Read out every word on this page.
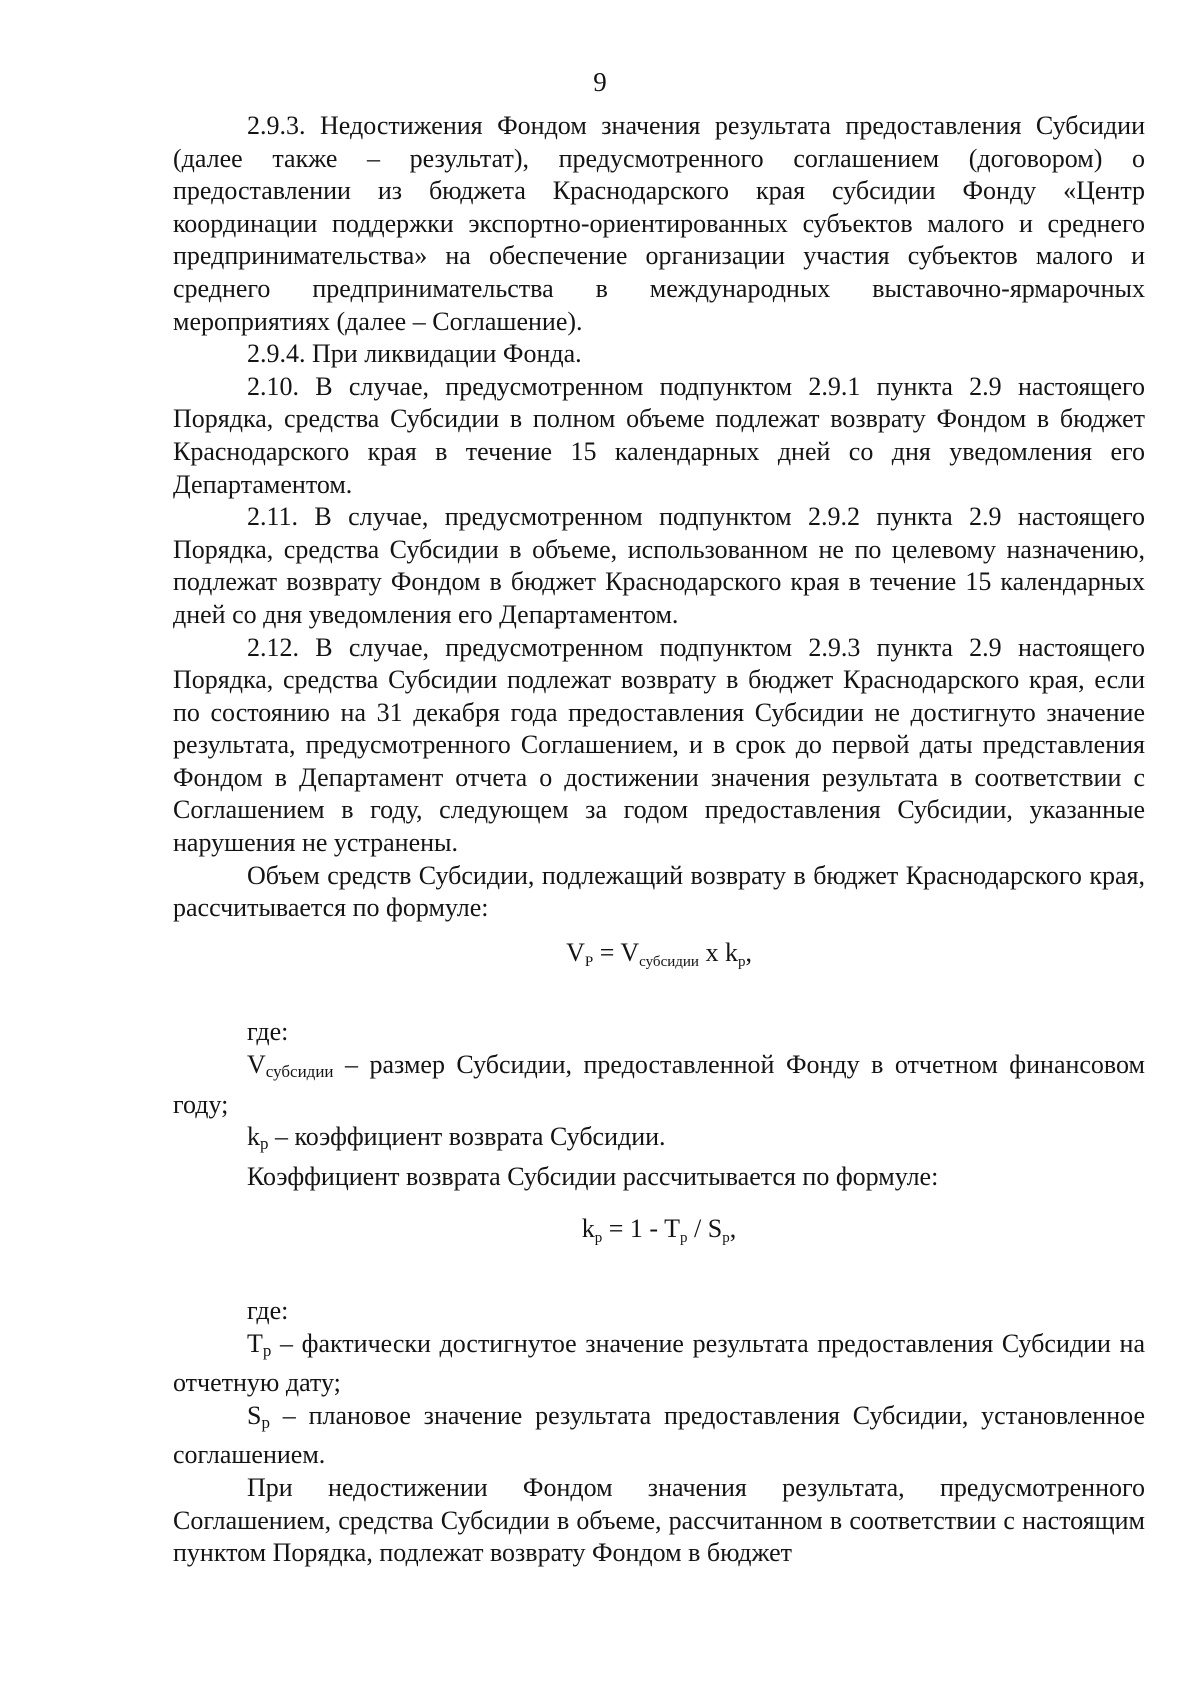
9

2.9.3. Недостижения Фондом значения результата предоставления Субсидии (далее также – результат), предусмотренного соглашением (договором) о предоставлении из бюджета Краснодарского края субсидии Фонду «Центр координации поддержки экспортно-ориентированных субъектов малого и среднего предпринимательства» на обеспечение организации участия субъектов малого и среднего предпринимательства в международных выставочно-ярмарочных мероприятиях (далее – Соглашение).

2.9.4. При ликвидации Фонда.

2.10. В случае, предусмотренном подпунктом 2.9.1 пункта 2.9 настоящего Порядка, средства Субсидии в полном объеме подлежат возврату Фондом в бюджет Краснодарского края в течение 15 календарных дней со дня уведомления его Департаментом.

2.11. В случае, предусмотренном подпунктом 2.9.2 пункта 2.9 настоящего Порядка, средства Субсидии в объеме, использованном не по целевому назначению, подлежат возврату Фондом в бюджет Краснодарского края в течение 15 календарных дней со дня уведомления его Департаментом.

2.12. В случае, предусмотренном подпунктом 2.9.3 пункта 2.9 настоящего Порядка, средства Субсидии подлежат возврату в бюджет Краснодарского края, если по состоянию на 31 декабря года предоставления Субсидии не достигнуто значение результата, предусмотренного Соглашением, и в срок до первой даты представления Фондом в Департамент отчета о достижении значения результата в соответствии с Соглашением в году, следующем за годом предоставления Субсидии, указанные нарушения не устранены.

Объем средств Субсидии, подлежащий возврату в бюджет Краснодарского края, рассчитывается по формуле:

$V_P = V_{субсидии}$ x $k_p$,

где:

Vсубсидии – размер Субсидии, предоставленной Фонду в отчетном финансовом году;

kр – коэффициент возврата Субсидии.

Коэффициент возврата Субсидии рассчитывается по формуле:

$k_p = 1 - T_p / S_p$,

где:

Tр – фактически достигнутое значение результата предоставления Субсидии на отчетную дату;

Sр – плановое значение результата предоставления Субсидии, установленное соглашением.

При недостижении Фондом значения результата, предусмотренного Соглашением, средства Субсидии в объеме, рассчитанном в соответствии с настоящим пунктом Порядка, подлежат возврату Фондом в бюджет
